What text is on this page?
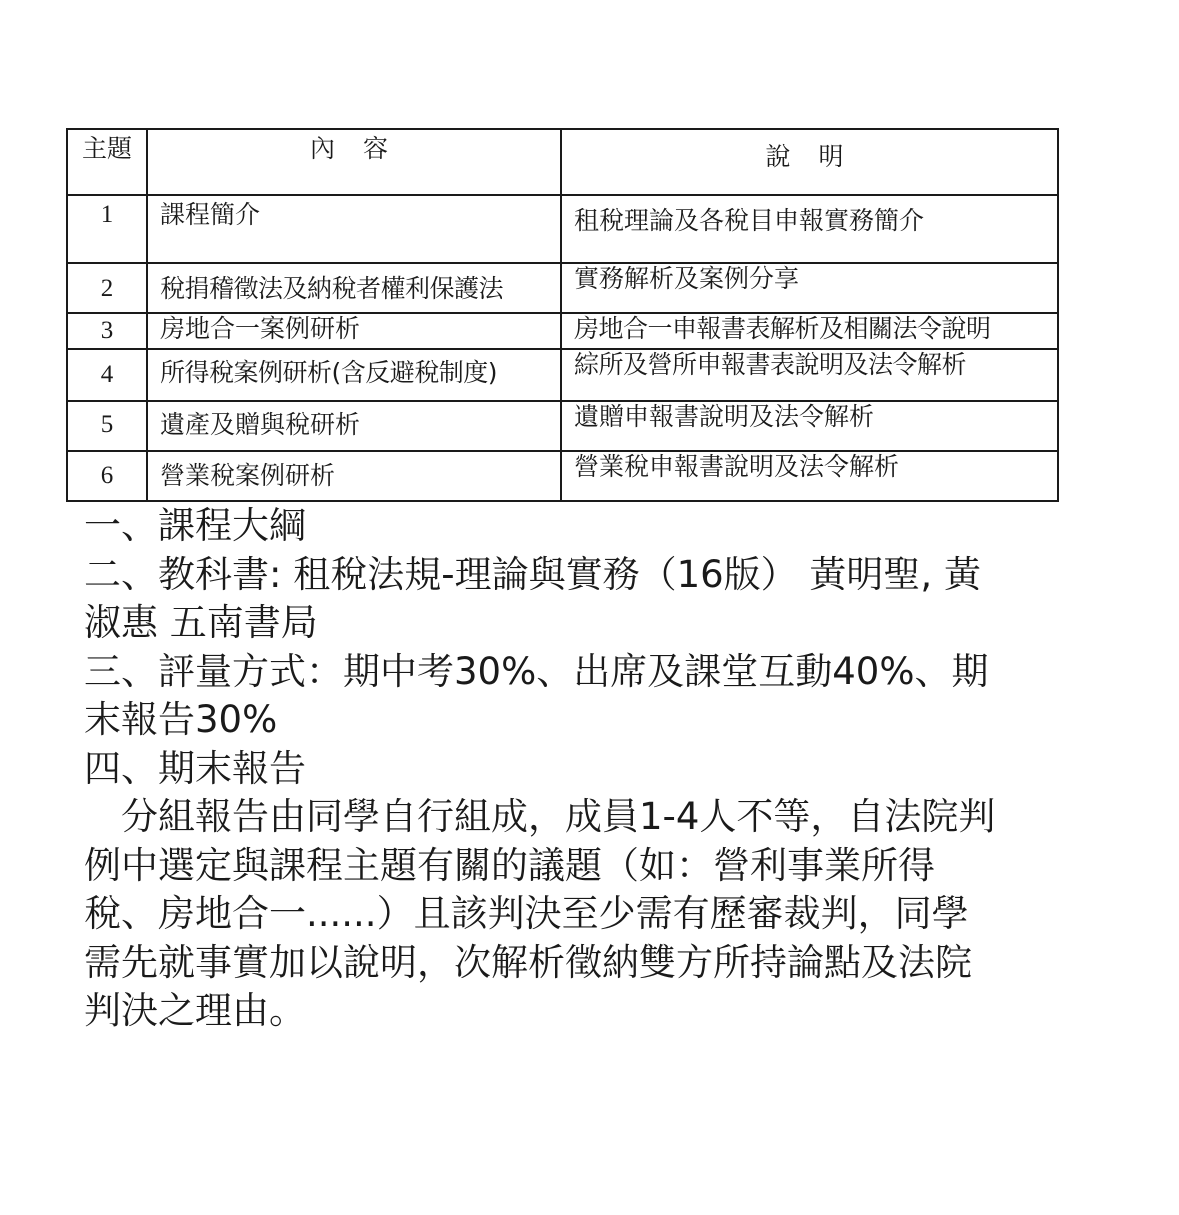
主題	內 容	說 明
1	課程簡介	租稅理論及各稅目申報實務簡介
2	稅捐稽徵法及納稅者權利保護法	實務解析及案例分享
3	房地合一案例研析	房地合一申報書表解析及相關法令說明
4	所得稅案例研析(含反避稅制度)	綜所及營所申報書表說明及法令解析
5	遺產及贈與稅研析	遺贈申報書說明及法令解析
6	營業稅案例研析	營業稅申報書說明及法令解析

一、課程大綱

二、教科書: 租稅法規-理論與實務（16版） 黃明聖, 黃

淑惠 五南書局

三、評量方式：期中考30%、出席及課堂互動40%、期

末報告30%

四、期末報告

　分組報告由同學自行組成，成員1-4人不等，自法院判

例中選定與課程主題有關的議題（如：營利事業所得

稅、房地合一......）且該判決至少需有歷審裁判，同學

需先就事實加以說明，次解析徵納雙方所持論點及法院

判決之理由。
